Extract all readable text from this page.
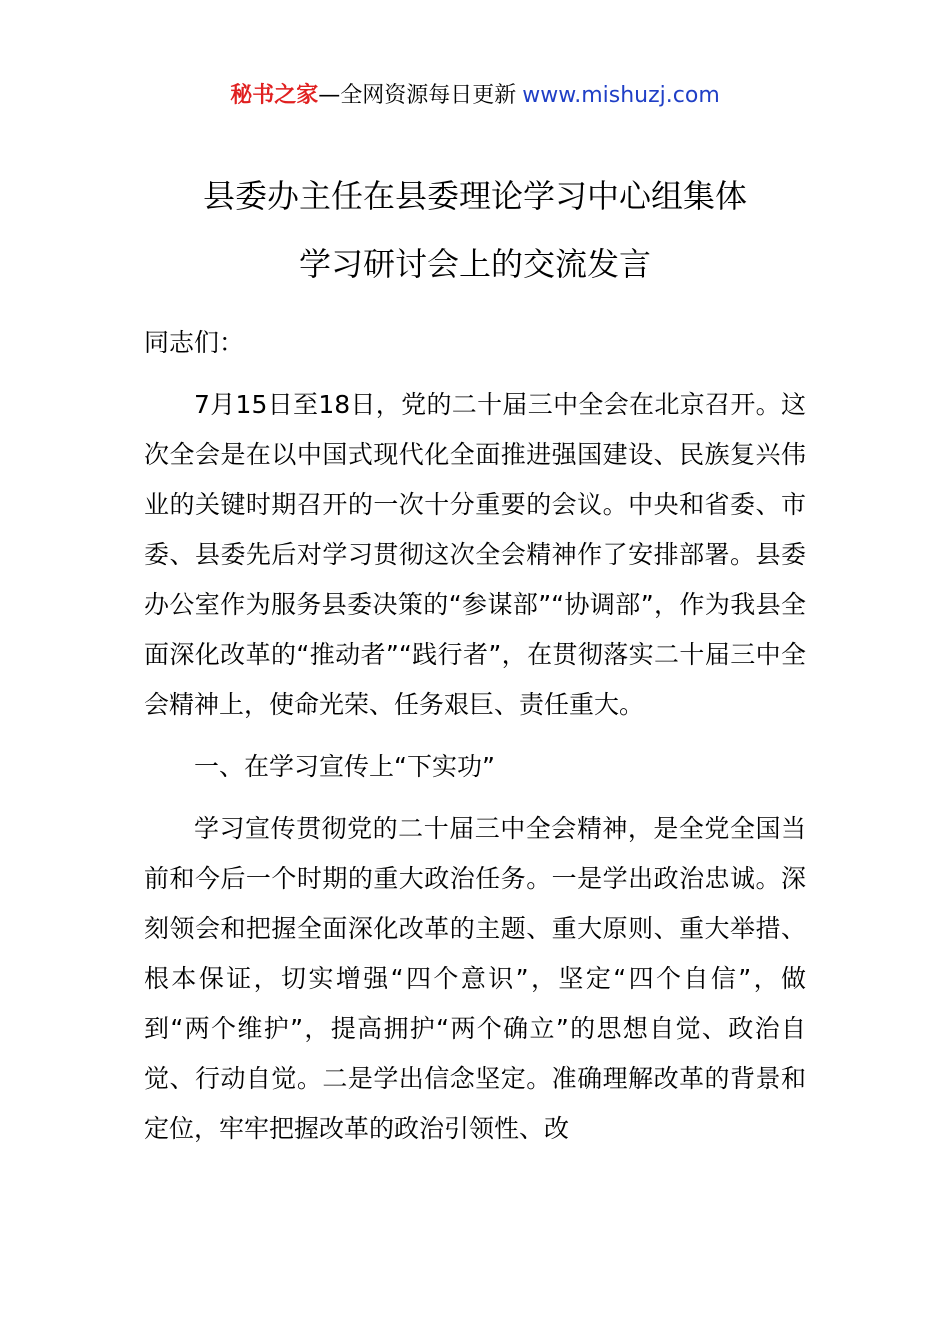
秘书之家—全网资源每日更新 www.mishuzj.com
县委办主任在县委理论学习中心组集体
学习研讨会上的交流发言

同志们：

7月15日至18日，党的二十届三中全会在北京召开。这次全会是在以中国式现代化全面推进强国建设、民族复兴伟业的关键时期召开的一次十分重要的会议。中央和省委、市委、县委先后对学习贯彻这次全会精神作了安排部署。县委办公室作为服务县委决策的“参谋部”“协调部”，作为我县全面深化改革的“推动者”“践行者”，在贯彻落实二十届三中全会精神上，使命光荣、任务艰巨、责任重大。

一、在学习宣传上“下实功”

学习宣传贯彻党的二十届三中全会精神，是全党全国当前和今后一个时期的重大政治任务。一是学出政治忠诚。深刻领会和把握全面深化改革的主题、重大原则、重大举措、根本保证，切实增强“四个意识”，坚定“四个自信”，做到“两个维护”，提高拥护“两个确立”的思想自觉、政治自觉、行动自觉。二是学出信念坚定。准确理解改革的背景和定位，牢牢把握改革的政治引领性、改
